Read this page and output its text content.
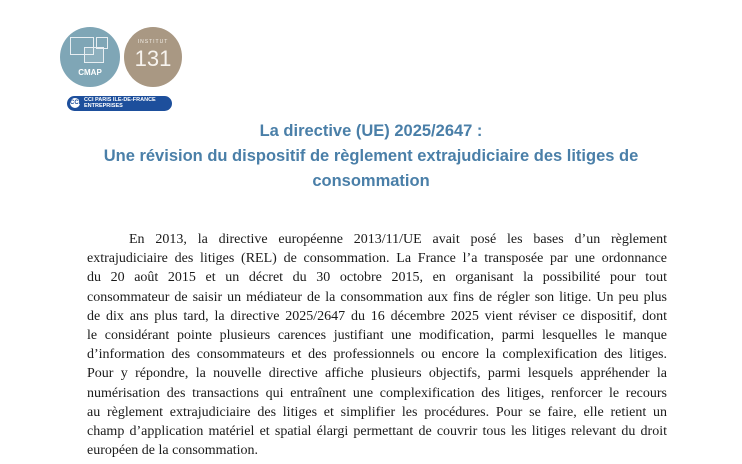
CMAP
INSTITUT
131
CCI CCI PARIS ILE-DE-FRANCE
ENTREPRISES
La directive (UE) 2025/2647 :
Une révision du dispositif de règlement extrajudiciaire des litiges de
consommation
En 2013, la directive européenne 2013/11/UE avait posé les bases d’un règlement
extrajudiciaire des litiges (REL) de consommation. La France l’a transposée par une ordonnance
du 20 août 2015 et un décret du 30 octobre 2015, en organisant la possibilité pour tout
consommateur de saisir un médiateur de la consommation aux fins de régler son litige. Un peu plus
de dix ans plus tard, la directive 2025/2647 du 16 décembre 2025 vient réviser ce dispositif, dont
le considérant pointe plusieurs carences justifiant une modification, parmi lesquelles le manque
d’information des consommateurs et des professionnels ou encore la complexification des litiges.
Pour y répondre, la nouvelle directive affiche plusieurs objectifs, parmi lesquels appréhender la
numérisation des transactions qui entraînent une complexification des litiges, renforcer le recours
au règlement extrajudiciaire des litiges et simplifier les procédures. Pour se faire, elle retient un
champ d’application matériel et spatial élargi permettant de couvrir tous les litiges relevant du droit
européen de la consommation.
